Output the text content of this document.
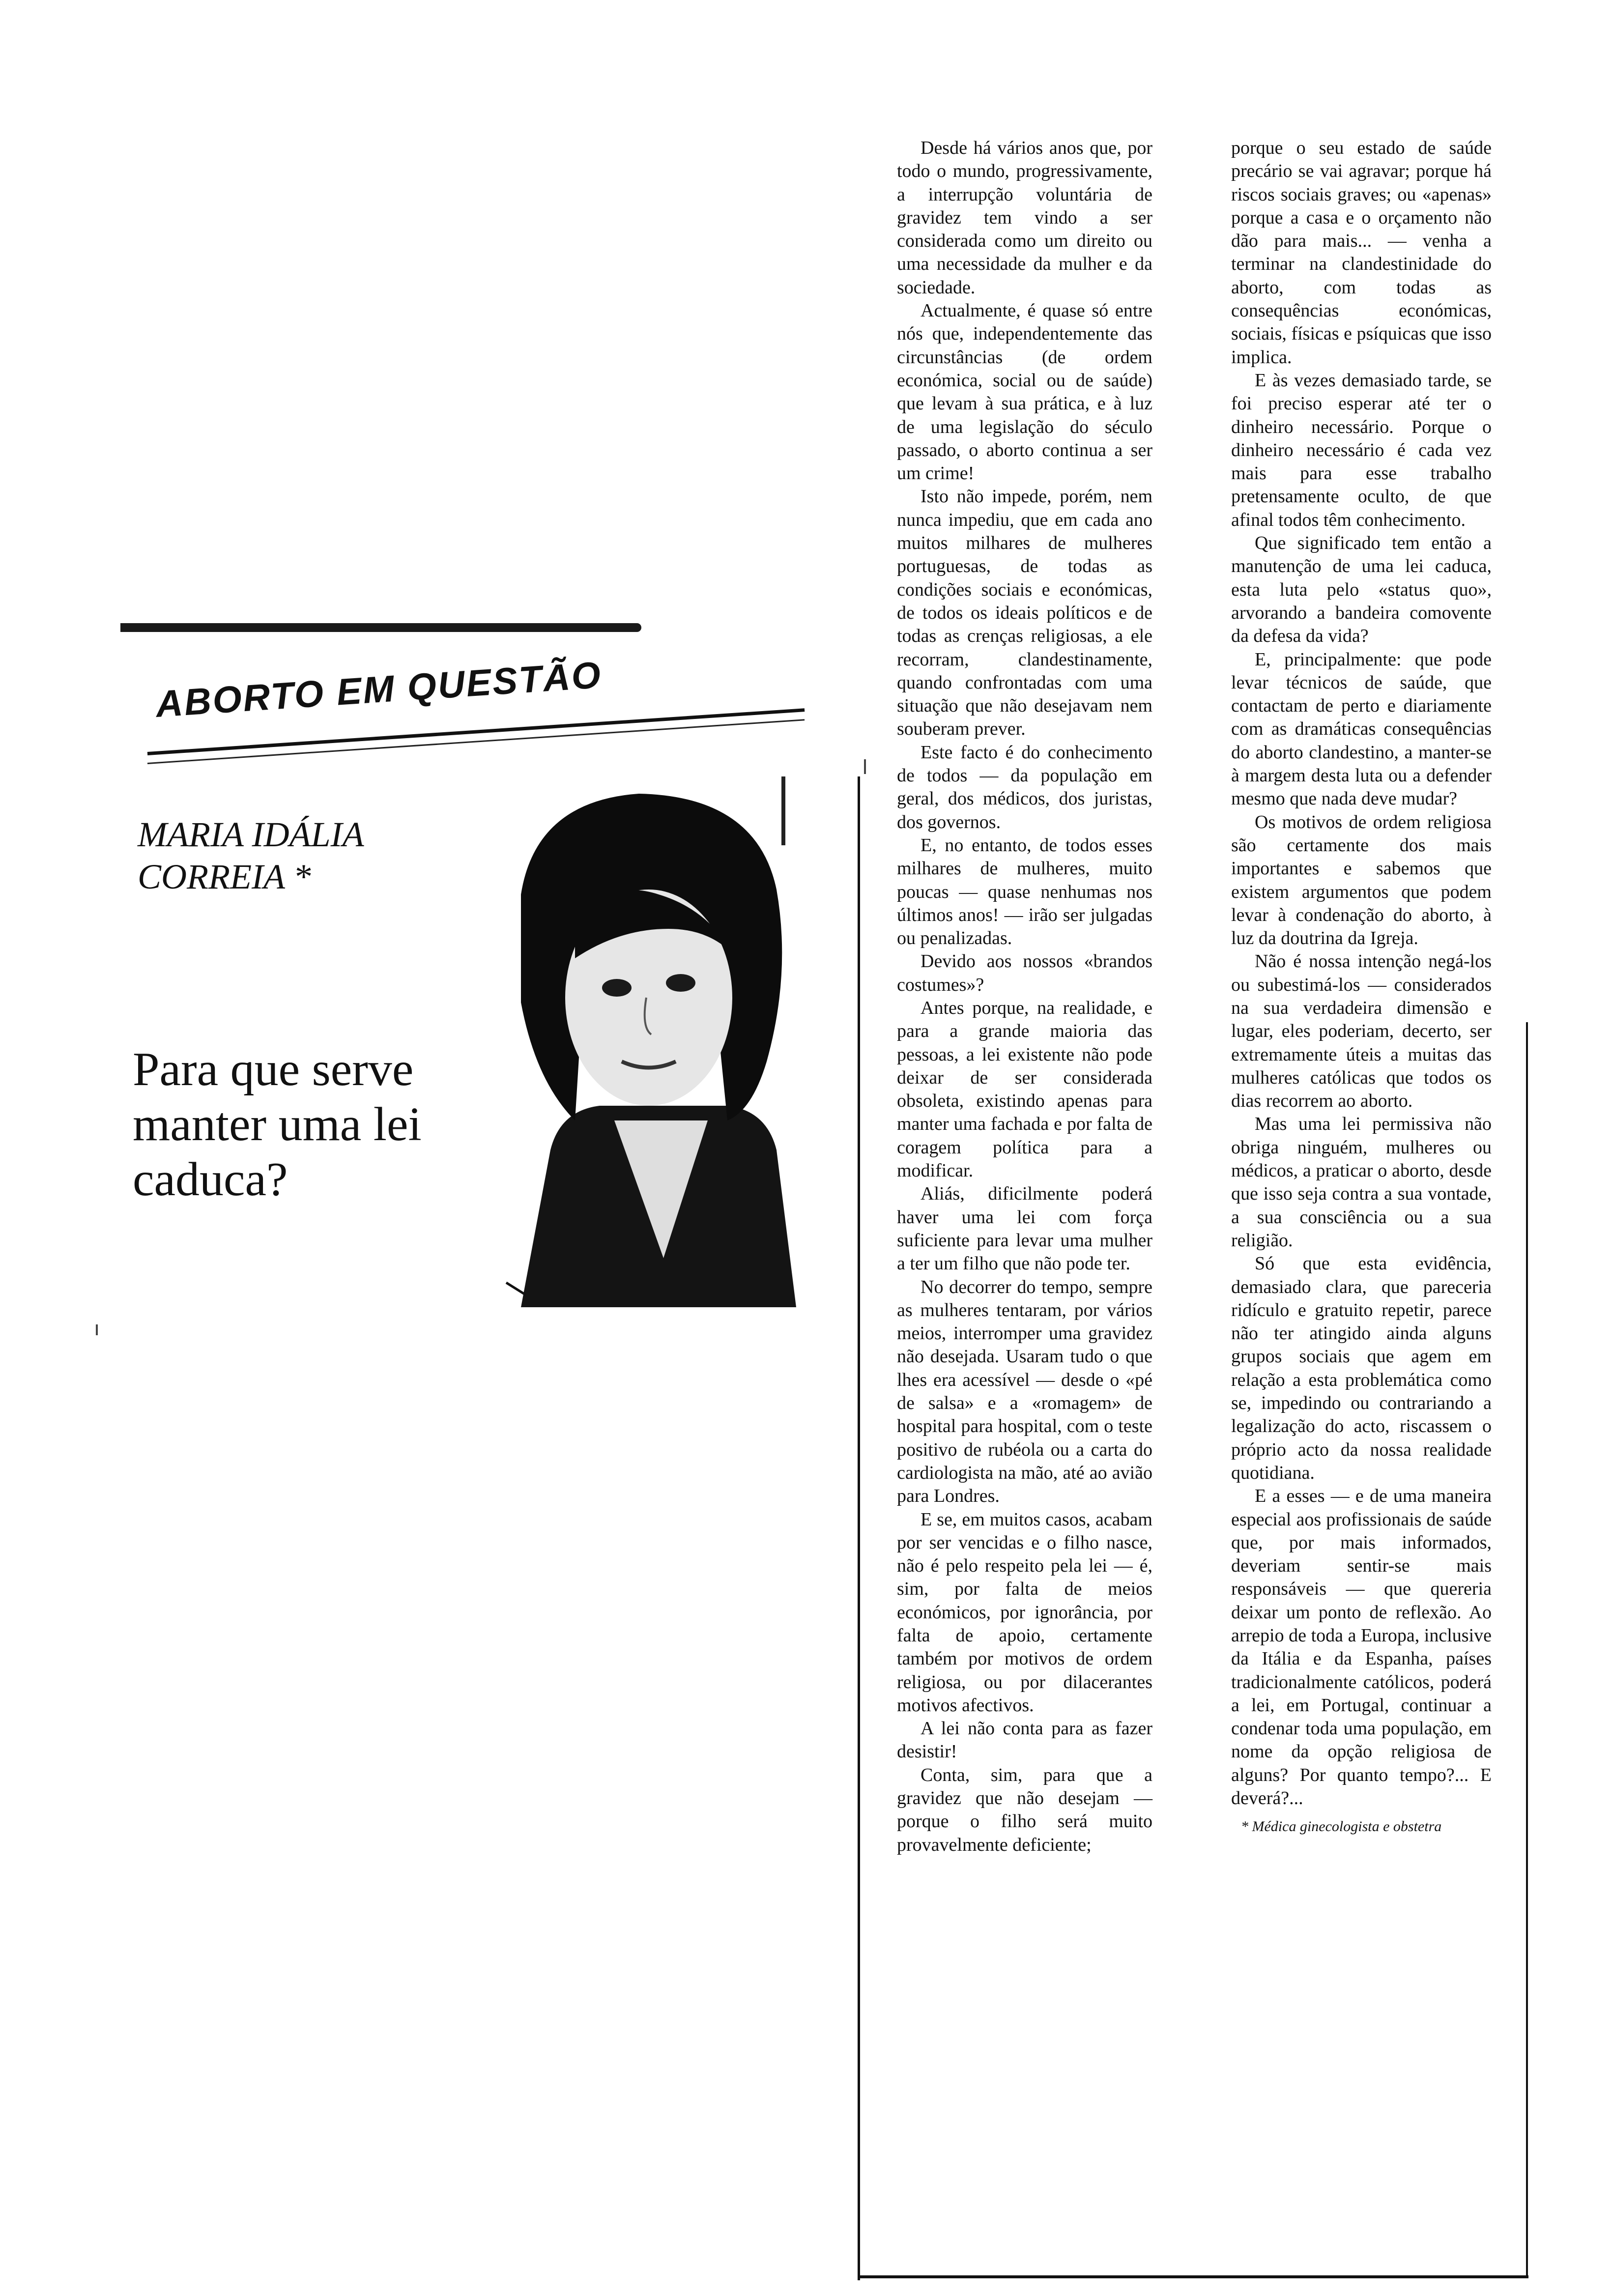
ABORTO EM QUESTÃO

MARIA IDÁLIA CORREIA *

Para que serve manter uma lei caduca?

Desde há vários anos que, por todo o mundo, progressivamente, a interrupção voluntária de gravidez tem vindo a ser considerada como um direito ou uma necessidade da mulher e da sociedade.

Actualmente, é quase só entre nós que, independentemente das circunstâncias (de ordem económica, social ou de saúde) que levam à sua prática, e à luz de uma legislação do século passado, o aborto continua a ser um crime!

Isto não impede, porém, nem nunca impediu, que em cada ano muitos milhares de mulheres portuguesas, de todas as condições sociais e económicas, de todos os ideais políticos e de todas as crenças religiosas, a ele recorram, clandestinamente, quando confrontadas com uma situação que não desejavam nem souberam prever.

Este facto é do conhecimento de todos — da população em geral, dos médicos, dos juristas, dos governos.

E, no entanto, de todos esses milhares de mulheres, muito poucas — quase nenhumas nos últimos anos! — irão ser julgadas ou penalizadas.

Devido aos nossos «brandos costumes»?

Antes porque, na realidade, e para a grande maioria das pessoas, a lei existente não pode deixar de ser considerada obsoleta, existindo apenas para manter uma fachada e por falta de coragem política para a modificar.

Aliás, dificilmente poderá haver uma lei com força suficiente para levar uma mulher a ter um filho que não pode ter.

No decorrer do tempo, sempre as mulheres tentaram, por vários meios, interromper uma gravidez não desejada. Usaram tudo o que lhes era acessível — desde o «pé de salsa» e a «romagem» de hospital para hospital, com o teste positivo de rubéola ou a carta do cardiologista na mão, até ao avião para Londres.

E se, em muitos casos, acabam por ser vencidas e o filho nasce, não é pelo respeito pela lei — é, sim, por falta de meios económicos, por ignorância, por falta de apoio, certamente também por motivos de ordem religiosa, ou por dilacerantes motivos afectivos.

A lei não conta para as fazer desistir!

Conta, sim, para que a gravidez que não desejam — porque o filho será muito provavelmente deficiente;

porque o seu estado de saúde precário se vai agravar; porque há riscos sociais graves; ou «apenas» porque a casa e o orçamento não dão para mais... — venha a terminar na clandestinidade do aborto, com todas as consequências económicas, sociais, físicas e psíquicas que isso implica.

E às vezes demasiado tarde, se foi preciso esperar até ter o dinheiro necessário. Porque o dinheiro necessário é cada vez mais para esse trabalho pretensamente oculto, de que afinal todos têm conhecimento.

Que significado tem então a manutenção de uma lei caduca, esta luta pelo «status quo», arvorando a bandeira comovente da defesa da vida?

E, principalmente: que pode levar técnicos de saúde, que contactam de perto e diariamente com as dramáticas consequências do aborto clandestino, a manter-se à margem desta luta ou a defender mesmo que nada deve mudar?

Os motivos de ordem religiosa são certamente dos mais importantes e sabemos que existem argumentos que podem levar à condenação do aborto, à luz da doutrina da Igreja.

Não é nossa intenção negá-los ou subestimá-los — considerados na sua verdadeira dimensão e lugar, eles poderiam, decerto, ser extremamente úteis a muitas das mulheres católicas que todos os dias recorrem ao aborto.

Mas uma lei permissiva não obriga ninguém, mulheres ou médicos, a praticar o aborto, desde que isso seja contra a sua vontade, a sua consciência ou a sua religião.

Só que esta evidência, demasiado clara, que pareceria ridículo e gratuito repetir, parece não ter atingido ainda alguns grupos sociais que agem em relação a esta problemática como se, impedindo ou contrariando a legalização do acto, riscassem o próprio acto da nossa realidade quotidiana.

E a esses — e de uma maneira especial aos profissionais de saúde que, por mais informados, deveriam sentir-se mais responsáveis — que quereria deixar um ponto de reflexão. Ao arrepio de toda a Europa, inclusive da Itália e da Espanha, países tradicionalmente católicos, poderá a lei, em Portugal, continuar a condenar toda uma população, em nome da opção religiosa de alguns? Por quanto tempo?... E deverá?...

* Médica ginecologista e obstetra
